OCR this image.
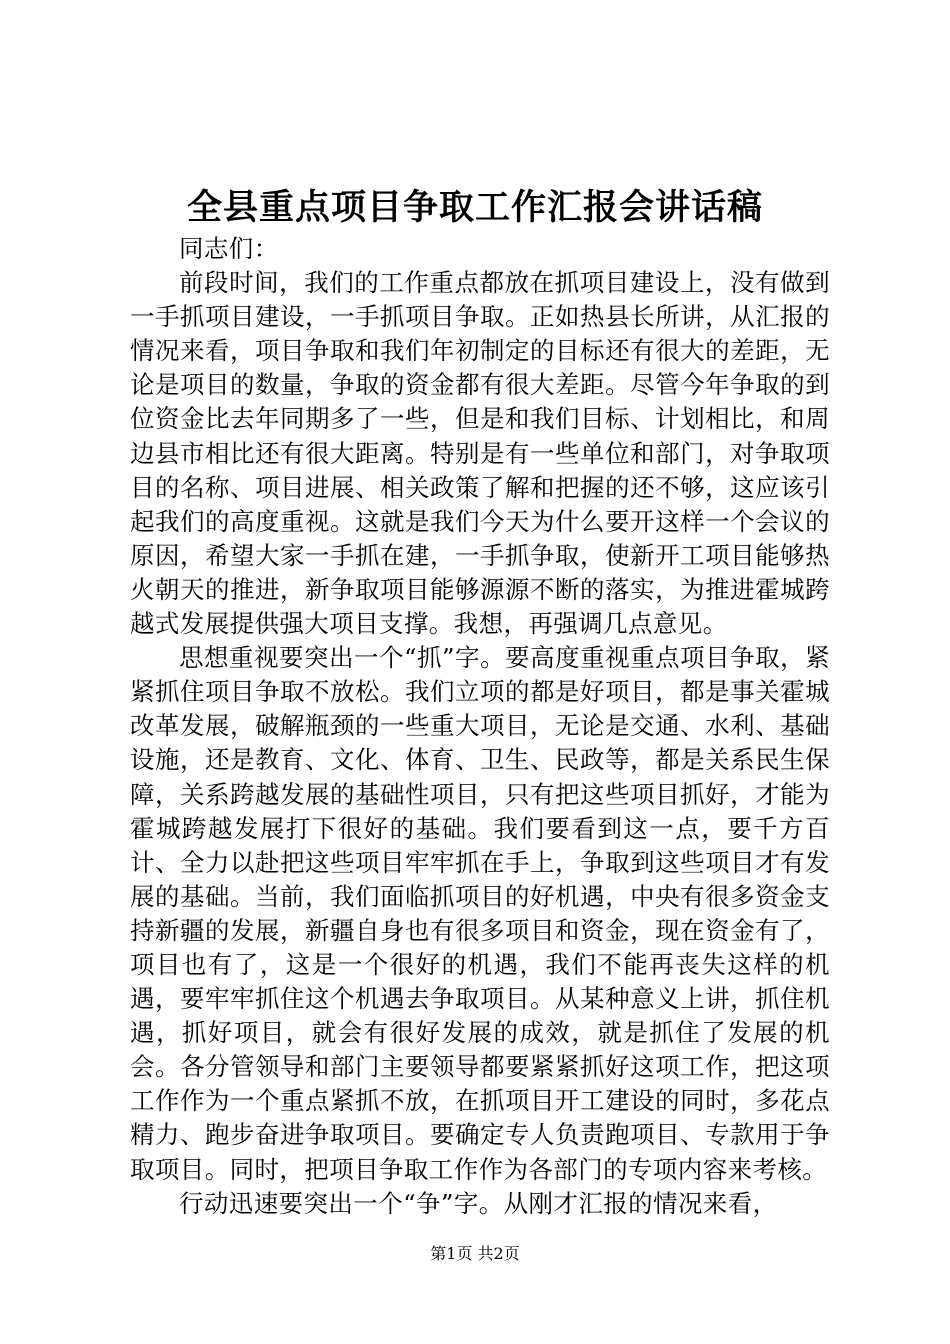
全县重点项目争取工作汇报会讲话稿

同志们：

前段时间，我们的工作重点都放在抓项目建设上，没有做到一手抓项目建设，一手抓项目争取。正如热县长所讲，从汇报的情况来看，项目争取和我们年初制定的目标还有很大的差距，无论是项目的数量，争取的资金都有很大差距。尽管今年争取的到位资金比去年同期多了一些，但是和我们目标、计划相比，和周边县市相比还有很大距离。特别是有一些单位和部门，对争取项目的名称、项目进展、相关政策了解和把握的还不够，这应该引起我们的高度重视。这就是我们今天为什么要开这样一个会议的原因，希望大家一手抓在建，一手抓争取，使新开工项目能够热火朝天的推进，新争取项目能够源源不断的落实，为推进霍城跨越式发展提供强大项目支撑。我想，再强调几点意见。

思想重视要突出一个“抓”字。要高度重视重点项目争取，紧紧抓住项目争取不放松。我们立项的都是好项目，都是事关霍城改革发展，破解瓶颈的一些重大项目，无论是交通、水利、基础设施，还是教育、文化、体育、卫生、民政等，都是关系民生保障，关系跨越发展的基础性项目，只有把这些项目抓好，才能为霍城跨越发展打下很好的基础。我们要看到这一点，要千方百计、全力以赴把这些项目牢牢抓在手上，争取到这些项目才有发展的基础。当前，我们面临抓项目的好机遇，中央有很多资金支持新疆的发展，新疆自身也有很多项目和资金，现在资金有了，项目也有了，这是一个很好的机遇，我们不能再丧失这样的机遇，要牢牢抓住这个机遇去争取项目。从某种意义上讲，抓住机遇，抓好项目，就会有很好发展的成效，就是抓住了发展的机会。各分管领导和部门主要领导都要紧紧抓好这项工作，把这项工作作为一个重点紧抓不放，在抓项目开工建设的同时，多花点精力、跑步奋进争取项目。要确定专人负责跑项目、专款用于争取项目。同时，把项目争取工作作为各部门的专项内容来考核。

行动迅速要突出一个“争”字。从刚才汇报的情况来看，

第1页 共2页
